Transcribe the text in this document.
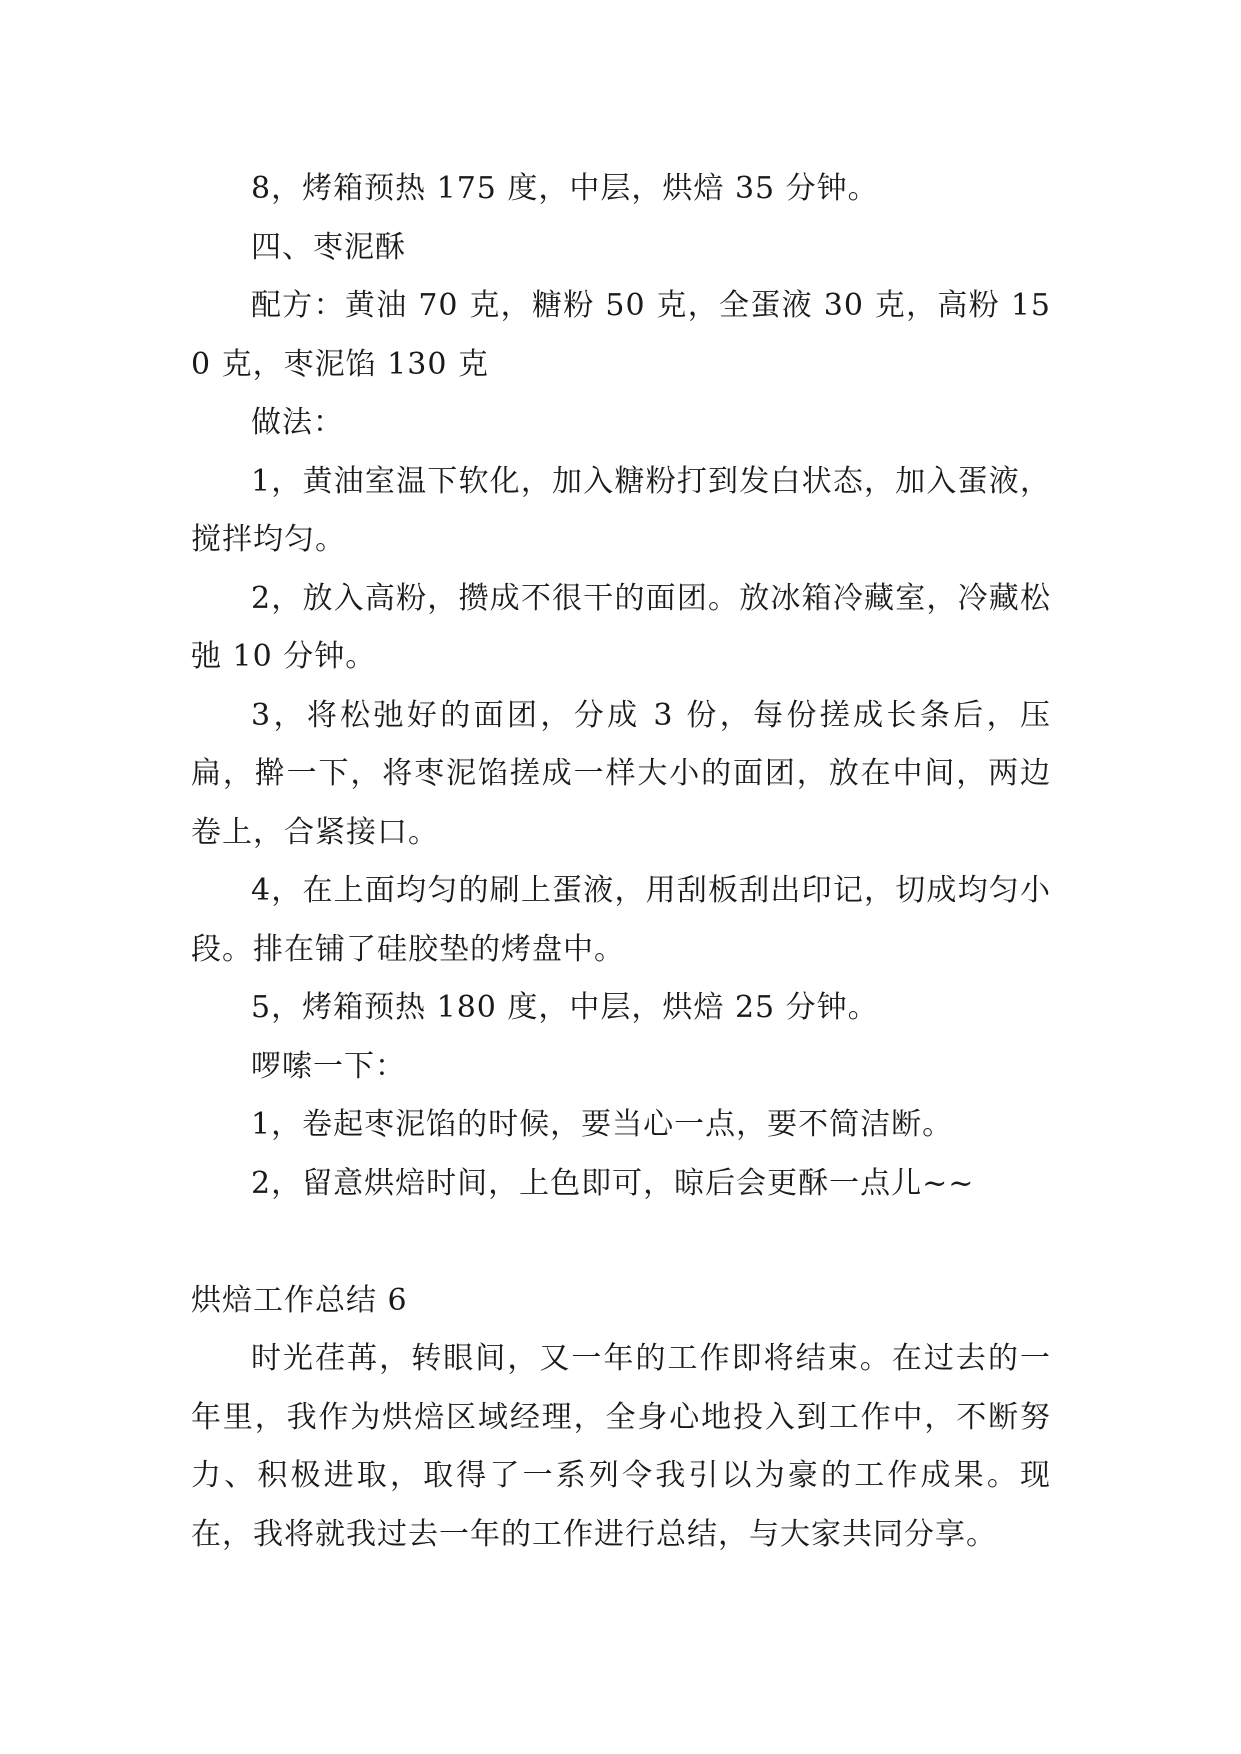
8，烤箱预热 175 度，中层，烘焙 35 分钟。

四、枣泥酥

配方：黄油 70 克，糖粉 50 克，全蛋液 30 克，高粉 150 克，枣泥馅 130 克

做法：

1，黄油室温下软化，加入糖粉打到发白状态，加入蛋液，搅拌均匀。

2，放入高粉，攒成不很干的面团。放冰箱冷藏室，冷藏松弛 10 分钟。

3，将松弛好的面团，分成 3 份，每份搓成长条后，压扁，擀一下，将枣泥馅搓成一样大小的面团，放在中间，两边卷上，合紧接口。

4，在上面均匀的刷上蛋液，用刮板刮出印记，切成均匀小段。排在铺了硅胶垫的烤盘中。

5，烤箱预热 180 度，中层，烘焙 25 分钟。

啰嗦一下：

1，卷起枣泥馅的时候，要当心一点，要不简洁断。

2，留意烘焙时间，上色即可，晾后会更酥一点儿~~

烘焙工作总结 6

时光荏苒，转眼间，又一年的工作即将结束。在过去的一年里，我作为烘焙区域经理，全身心地投入到工作中，不断努力、积极进取，取得了一系列令我引以为豪的工作成果。现在，我将就我过去一年的工作进行总结，与大家共同分享。
